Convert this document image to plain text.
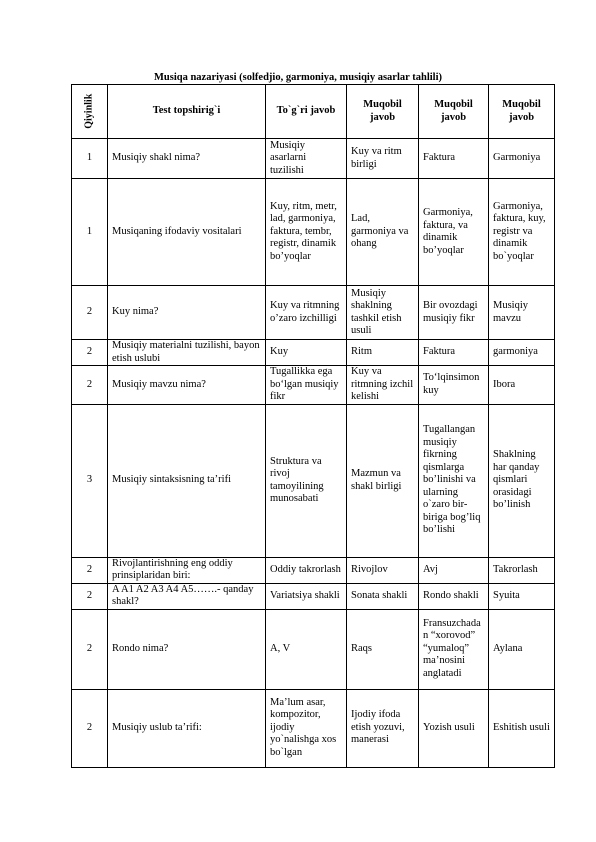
Musiqa nazariyasi (solfedjio, garmoniya, musiqiy asarlar tahlili)
Qiyinlik	Test topshirig`i	To`g`ri javob	Muqobil javob	Muqobil javob	Muqobil javob
1	Musiqiy shakl nima?	Musiqiy asarlarni tuzilishi	Kuy va ritm birligi	Faktura	Garmoniya
1	Musiqaning ifodaviy vositalari	Kuy, ritm, metr, lad, garmoniya, faktura, tembr, registr, dinamik bo’yoqlar	Lad, garmoniya va ohang	Garmoniya, faktura, va dinamik bo’yoqlar	Garmoniya, faktura, kuy, registr va dinamik bo`yoqlar
2	Kuy nima?	Kuy va ritmning o’zaro izchilligi	Musiqiy shaklning tashkil etish usuli	Bir ovozdagi musiqiy fikr	Musiqiy mavzu
2	Musiqiy materialni tuzilishi, bayon etish uslubi	Kuy	Ritm	Faktura	garmoniya
2	Musiqiy mavzu nima?	Tugallikka ega bo‘lgan musiqiy fikr	Kuy va ritmning izchil kelishi	To‘lqinsimon kuy	Ibora
3	Musiqiy sintaksisning ta’rifi	Struktura va rivoj tamoyilining munosabati	Mazmun va shakl birligi	Tugallangan musiqiy fikrning qismlarga bo’linishi va ularning o`zaro bir-biriga bog’liq bo’lishi	Shaklning har qanday qismlari orasidagi bo’linish
2	Rivojlantirishning eng oddiy prinsiplaridan biri:	Oddiy takrorlash	Rivojlov	Avj	Takrorlash
2	A A1 A2 A3 A4 A5…….- qanday shakl?	Variatsiya shakli	Sonata shakli	Rondo shakli	Syuita
2	Rondo nima?	A, V	Raqs	Fransuzchadan “xorovod” “yumaloq” ma’nosini anglatadi	Aylana
2	Musiqiy uslub ta’rifi:	Ma’lum asar, kompozitor, ijodiy yo`nalishga xos bo`lgan	Ijodiy ifoda etish yozuvi, manerasi	Yozish usuli	Eshitish usuli
